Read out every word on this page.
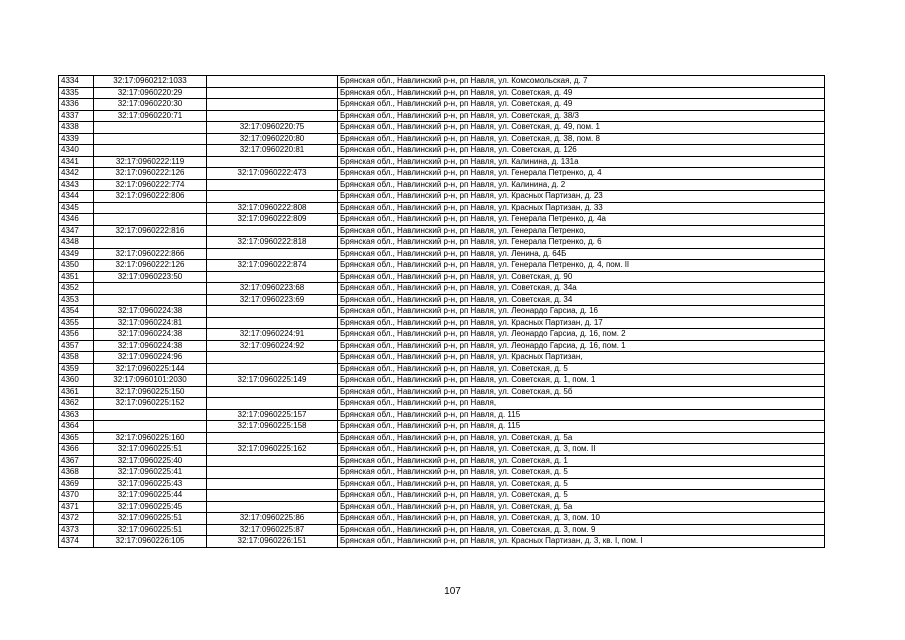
4334	32:17:0960212:1033		Брянская обл., Навлинский р-н, рп Навля, ул. Комсомольская, д. 7
4335	32:17:0960220:29		Брянская обл., Навлинский р-н, рп Навля, ул. Советская, д. 49
4336	32:17:0960220:30		Брянская обл., Навлинский р-н, рп Навля, ул. Советская, д. 49
4337	32:17:0960220:71		Брянская обл., Навлинский р-н, рп Навля, ул. Советская, д. 38/3
4338		32:17:0960220:75	Брянская обл., Навлинский р-н, рп Навля, ул. Советская, д. 49, пом. 1
4339		32:17:0960220:80	Брянская обл., Навлинский р-н, рп Навля, ул. Советская, д. 38, пом. 8
4340		32:17:0960220:81	Брянская обл., Навлинский р-н, рп Навля, ул. Советская, д. 126
4341	32:17:0960222:119		Брянская обл., Навлинский р-н, рп Навля, ул. Калинина, д. 131а
4342	32:17:0960222:126	32:17:0960222:473	Брянская обл., Навлинский р-н, рп Навля, ул. Генерала Петренко, д. 4
4343	32:17:0960222:774		Брянская обл., Навлинский р-н, рп Навля, ул. Калинина, д. 2
4344	32:17:0960222:806		Брянская обл., Навлинский р-н, рп Навля, ул. Красных Партизан, д. 23
4345		32:17:0960222:808	Брянская обл., Навлинский р-н, рп Навля, ул. Красных Партизан, д. 33
4346		32:17:0960222:809	Брянская обл., Навлинский р-н, рп Навля, ул. Генерала Петренко, д. 4а
4347	32:17:0960222:816		Брянская обл., Навлинский р-н, рп Навля, ул. Генерала Петренко,
4348		32:17:0960222:818	Брянская обл., Навлинский р-н, рп Навля, ул. Генерала Петренко, д. 6
4349	32:17:0960222:866		Брянская обл., Навлинский р-н, рп Навля, ул. Ленина, д. 64Б
4350	32:17:0960222:126	32:17:0960222:874	Брянская обл., Навлинский р-н, рп Навля, ул. Генерала Петренко, д. 4, пом. II
4351	32:17:0960223:50		Брянская обл., Навлинский р-н, рп Навля, ул. Советская, д. 90
4352		32:17:0960223:68	Брянская обл., Навлинский р-н, рп Навля, ул. Советская, д. 34а
4353		32:17:0960223:69	Брянская обл., Навлинский р-н, рп Навля, ул. Советская, д. 34
4354	32:17:0960224:38		Брянская обл., Навлинский р-н, рп Навля, ул. Леонардо Гарсиа, д. 16
4355	32:17:0960224:81		Брянская обл., Навлинский р-н, рп Навля, ул. Красных Партизан, д. 17
4356	32:17:0960224:38	32:17:0960224:91	Брянская обл., Навлинский р-н, рп Навля, ул. Леонардо Гарсиа, д. 16, пом. 2
4357	32:17:0960224:38	32:17:0960224:92	Брянская обл., Навлинский р-н, рп Навля, ул. Леонардо Гарсиа, д. 16, пом. 1
4358	32:17:0960224:96		Брянская обл., Навлинский р-н, рп Навля, ул. Красных Партизан,
4359	32:17:0960225:144		Брянская обл., Навлинский р-н, рп Навля, ул. Советская, д. 5
4360	32:17:0960101:2030	32:17:0960225:149	Брянская обл., Навлинский р-н, рп Навля, ул. Советская, д. 1, пом. 1
4361	32:17:0960225:150		Брянская обл., Навлинский р-н, рп Навля, ул. Советская, д. 5б
4362	32:17:0960225:152		Брянская обл., Навлинский р-н, рп Навля,
4363		32:17:0960225:157	Брянская обл., Навлинский р-н, рп Навля, д. 115
4364		32:17:0960225:158	Брянская обл., Навлинский р-н, рп Навля, д. 115
4365	32:17:0960225:160		Брянская обл., Навлинский р-н, рп Навля, ул. Советская, д. 5а
4366	32:17:0960225:51	32:17:0960225:162	Брянская обл., Навлинский р-н, рп Навля, ул. Советская, д. 3, пом. II
4367	32:17:0960225:40		Брянская обл., Навлинский р-н, рп Навля, ул. Советская, д. 1
4368	32:17:0960225:41		Брянская обл., Навлинский р-н, рп Навля, ул. Советская, д. 5
4369	32:17:0960225:43		Брянская обл., Навлинский р-н, рп Навля, ул. Советская, д. 5
4370	32:17:0960225:44		Брянская обл., Навлинский р-н, рп Навля, ул. Советская, д. 5
4371	32:17:0960225:45		Брянская обл., Навлинский р-н, рп Навля, ул. Советская, д. 5а
4372	32:17:0960225:51	32:17:0960225:86	Брянская обл., Навлинский р-н, рп Навля, ул. Советская, д. 3, пом. 10
4373	32:17:0960225:51	32:17:0960225:87	Брянская обл., Навлинский р-н, рп Навля, ул. Советская, д. 3, пом. 9
4374	32:17:0960226:105	32:17:0960226:151	Брянская обл., Навлинский р-н, рп Навля, ул. Красных Партизан, д. 3, кв. I, пом. I
107
